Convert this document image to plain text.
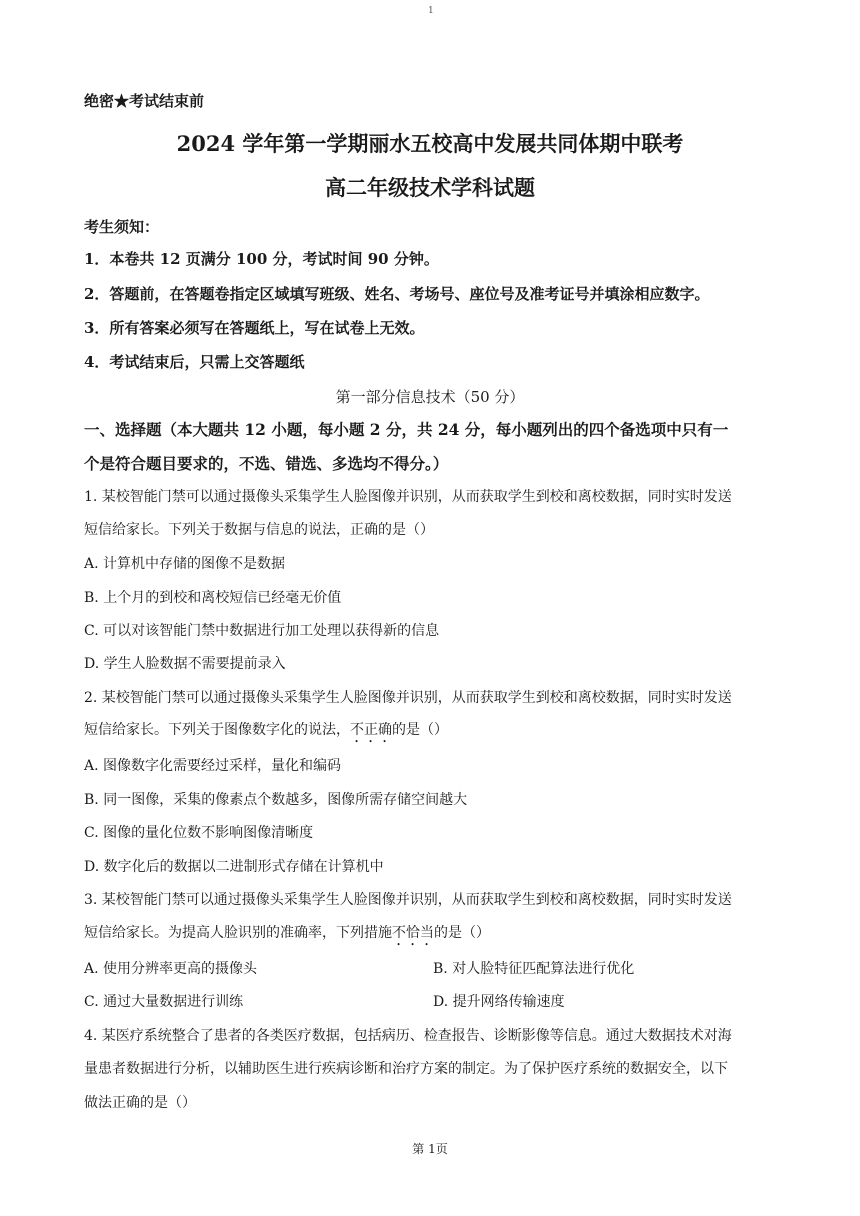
1
绝密★考试结束前
2024 学年第一学期丽水五校高中发展共同体期中联考
高二年级技术学科试题
考生须知：
1．本卷共 12 页满分 100 分，考试时间 90 分钟。
2．答题前，在答题卷指定区域填写班级、姓名、考场号、座位号及准考证号并填涂相应数字。
3．所有答案必须写在答题纸上，写在试卷上无效。
4．考试结束后，只需上交答题纸
第一部分信息技术（50 分）
一、选择题（本大题共 12 小题，每小题 2 分，共 24 分，每小题列出的四个备选项中只有一
个是符合题目要求的，不选、错选、多选均不得分。）
1. 某校智能门禁可以通过摄像头采集学生人脸图像并识别，从而获取学生到校和离校数据，同时实时发送
短信给家长。下列关于数据与信息的说法，正确的是（）
A. 计算机中存储的图像不是数据
B. 上个月的到校和离校短信已经毫无价值
C. 可以对该智能门禁中数据进行加工处理以获得新的信息
D. 学生人脸数据不需要提前录入
2. 某校智能门禁可以通过摄像头采集学生人脸图像并识别，从而获取学生到校和离校数据，同时实时发送
短信给家长。下列关于图像数字化的说法，不正确的是（）
A. 图像数字化需要经过采样，量化和编码
B. 同一图像，采集的像素点个数越多，图像所需存储空间越大
C. 图像的量化位数不影响图像清晰度
D. 数字化后的数据以二进制形式存储在计算机中
3. 某校智能门禁可以通过摄像头采集学生人脸图像并识别，从而获取学生到校和离校数据，同时实时发送
短信给家长。为提高人脸识别的准确率，下列措施不恰当的是（）
A. 使用分辨率更高的摄像头	B. 对人脸特征匹配算法进行优化
C. 通过大量数据进行训练	D. 提升网络传输速度
4. 某医疗系统整合了患者的各类医疗数据，包括病历、检查报告、诊断影像等信息。通过大数据技术对海
量患者数据进行分析，以辅助医生进行疾病诊断和治疗方案的制定。为了保护医疗系统的数据安全，以下
做法正确的是（）
第 1页
